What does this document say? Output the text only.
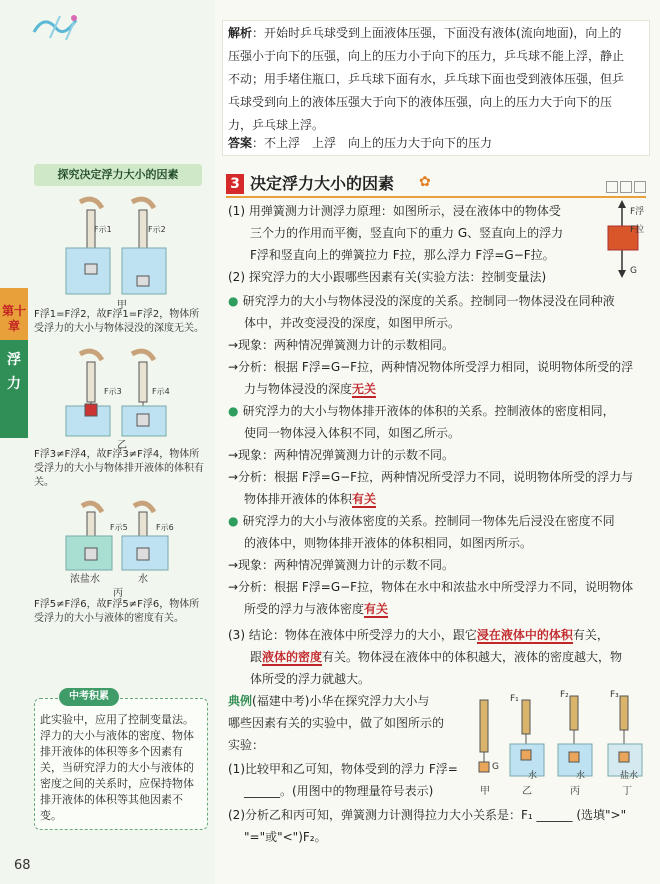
第十章
浮力
探究决定浮力大小的因素
F示1	F示2
甲
F浮1=F浮2，故F浮1=F浮2，物体所受浮力的大小与物体浸没的深度无关。
F示3	F示4
乙
F浮3≠F浮4，故F浮3≠F浮4，物体所受浮力的大小与物体排开液体的体积有关。
F示5	F示6
浓盐水	水
丙
F浮5≠F浮6，故F浮5≠F浮6，物体所受浮力的大小与液体的密度有关。
中考积累
此实验中，应用了控制变量法。浮力的大小与液体的密度、物体排开液体的体积等多个因素有关，当研究浮力的大小与液体的密度之间的关系时，应保持物体排开液体的体积等其他因素不变。
68
解析：开始时乒乓球受到上面液体压强，下面没有液体(流向地面)，向上的
压强小于向下的压强，向上的压力小于向下的压力，乒乓球不能上浮，静止
不动；用手堵住瓶口，乒乓球下面有水，乒乓球下面也受到液体压强，但乒
乓球受到向上的液体压强大于向下的液体压强，向上的压力大于向下的压
力，乒乓球上浮。
答案：不上浮　上浮　向上的压力大于向下的压力
3 决定浮力大小的因素 ✿
(1) 用弹簧测力计测浮力原理：如图所示，浸在液体中的物体受
三个力的作用而平衡，竖直向下的重力 G、竖直向上的浮力
F浮和竖直向上的弹簧拉力 F拉，那么浮力 F浮=G−F拉。
F浮
F拉
G
(2) 探究浮力的大小跟哪些因素有关(实验方法：控制变量法)
● 研究浮力的大小与物体浸没的深度的关系。控制同一物体浸没在同种液
体中，并改变浸没的深度，如图甲所示。
→现象：两种情况弹簧测力计的示数相同。
→分析：根据 F浮=G−F拉，两种情况物体所受浮力相同，说明物体所受的浮
力与物体浸没的深度无关
● 研究浮力的大小与物体排开液体的体积的关系。控制液体的密度相同，
使同一物体浸入体积不同，如图乙所示。
→现象：两种情况弹簧测力计的示数不同。
→分析：根据 F浮=G−F拉，两种情况所受浮力不同，说明物体所受的浮力与
物体排开液体的体积有关
● 研究浮力的大小与液体密度的关系。控制同一物体先后浸没在密度不同
的液体中，则物体排开液体的体积相同，如图丙所示。
→现象：两种情况弹簧测力计的示数不同。
→分析：根据 F浮=G−F拉，物体在水中和浓盐水中所受浮力不同，说明物体
所受的浮力与液体密度有关
(3) 结论：物体在液体中所受浮力的大小，跟它浸在液体中的体积有关，
跟液体的密度有关。物体浸在液体中的体积越大，液体的密度越大，物
体所受的浮力就越大。
典例(福建中考)小华在探究浮力大小与
哪些因素有关的实验中，做了如图所示的
实验：
(1)比较甲和乙可知，物体受到的浮力 F浮=
______。(用图中的物理量符号表示)
(2)分析乙和丙可知，弹簧测力计测得拉力大小关系是：F₁ ______ (选填">"
"="或"<")F₂。
G
F₁	F₂	F₃
水	水	盐水
甲	乙	丙	丁
